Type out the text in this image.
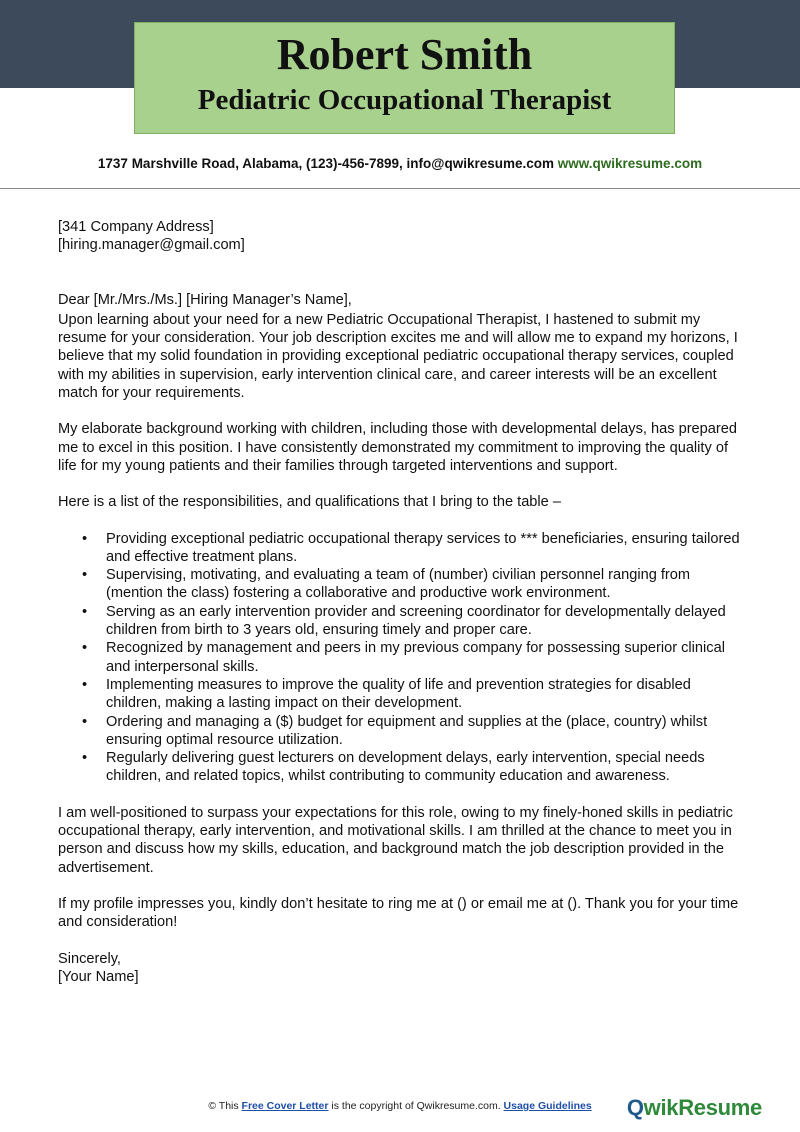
Robert Smith
Pediatric Occupational Therapist
1737 Marshville Road, Alabama, (123)-456-7899, info@qwikresume.com www.qwikresume.com

[341 Company Address]

[hiring.manager@gmail.com]

Dear [Mr./Mrs./Ms.] [Hiring Manager’s Name],

Upon learning about your need for a new Pediatric Occupational Therapist, I hastened to submit my resume for your consideration. Your job description excites me and will allow me to expand my horizons, I believe that my solid foundation in providing exceptional pediatric occupational therapy services, coupled with my abilities in supervision, early intervention clinical care, and career interests will be an excellent match for your requirements.

My elaborate background working with children, including those with developmental delays, has prepared me to excel in this position. I have consistently demonstrated my commitment to improving the quality of life for my young patients and their families through targeted interventions and support.

Here is a list of the responsibilities, and qualifications that I bring to the table –

• Providing exceptional pediatric occupational therapy services to *** beneficiaries, ensuring tailored and effective treatment plans.
• Supervising, motivating, and evaluating a team of (number) civilian personnel ranging from (mention the class) fostering a collaborative and productive work environment.
• Serving as an early intervention provider and screening coordinator for developmentally delayed children from birth to 3 years old, ensuring timely and proper care.
• Recognized by management and peers in my previous company for possessing superior clinical and interpersonal skills.
• Implementing measures to improve the quality of life and prevention strategies for disabled children, making a lasting impact on their development.
• Ordering and managing a ($) budget for equipment and supplies at the (place, country) whilst ensuring optimal resource utilization.
• Regularly delivering guest lecturers on development delays, early intervention, special needs children, and related topics, whilst contributing to community education and awareness.

I am well-positioned to surpass your expectations for this role, owing to my finely-honed skills in pediatric occupational therapy, early intervention, and motivational skills. I am thrilled at the chance to meet you in person and discuss how my skills, education, and background match the job description provided in the advertisement.

If my profile impresses you, kindly don’t hesitate to ring me at () or email me at (). Thank you for your time and consideration!

Sincerely,

[Your Name]

© This Free Cover Letter is the copyright of Qwikresume.com. Usage Guidelines	QwikResume
